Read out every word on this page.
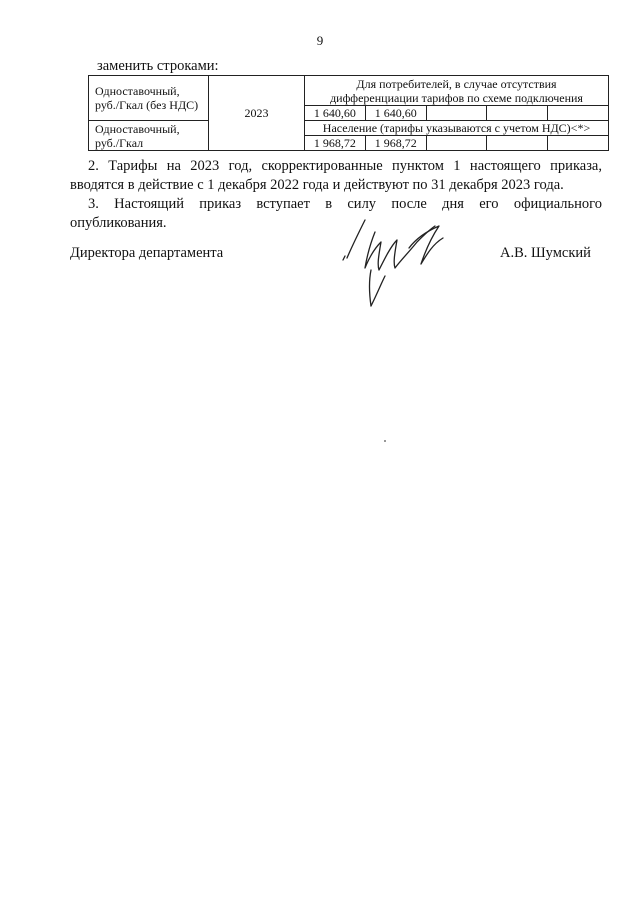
9
заменить строками:
Одноставочный, руб./Гкал (без НДС)	2023	Для потребителей, в случае отсутствия дифференциации тарифов по схеме подключения				
		1 640,60	1 640,60			
Одноставочный, руб./Гкал		Население (тарифы указываются с учетом НДС)<*>				
		1 968,72	1 968,72			
2. Тарифы на 2023 год, скорректированные пунктом 1 настоящего приказа,
вводятся в действие с 1 декабря 2022 года и действуют по 31 декабря 2023 года.
3. Настоящий приказ вступает в силу после дня его официального
опубликования.
Директора департамента	А.В. Шумский
